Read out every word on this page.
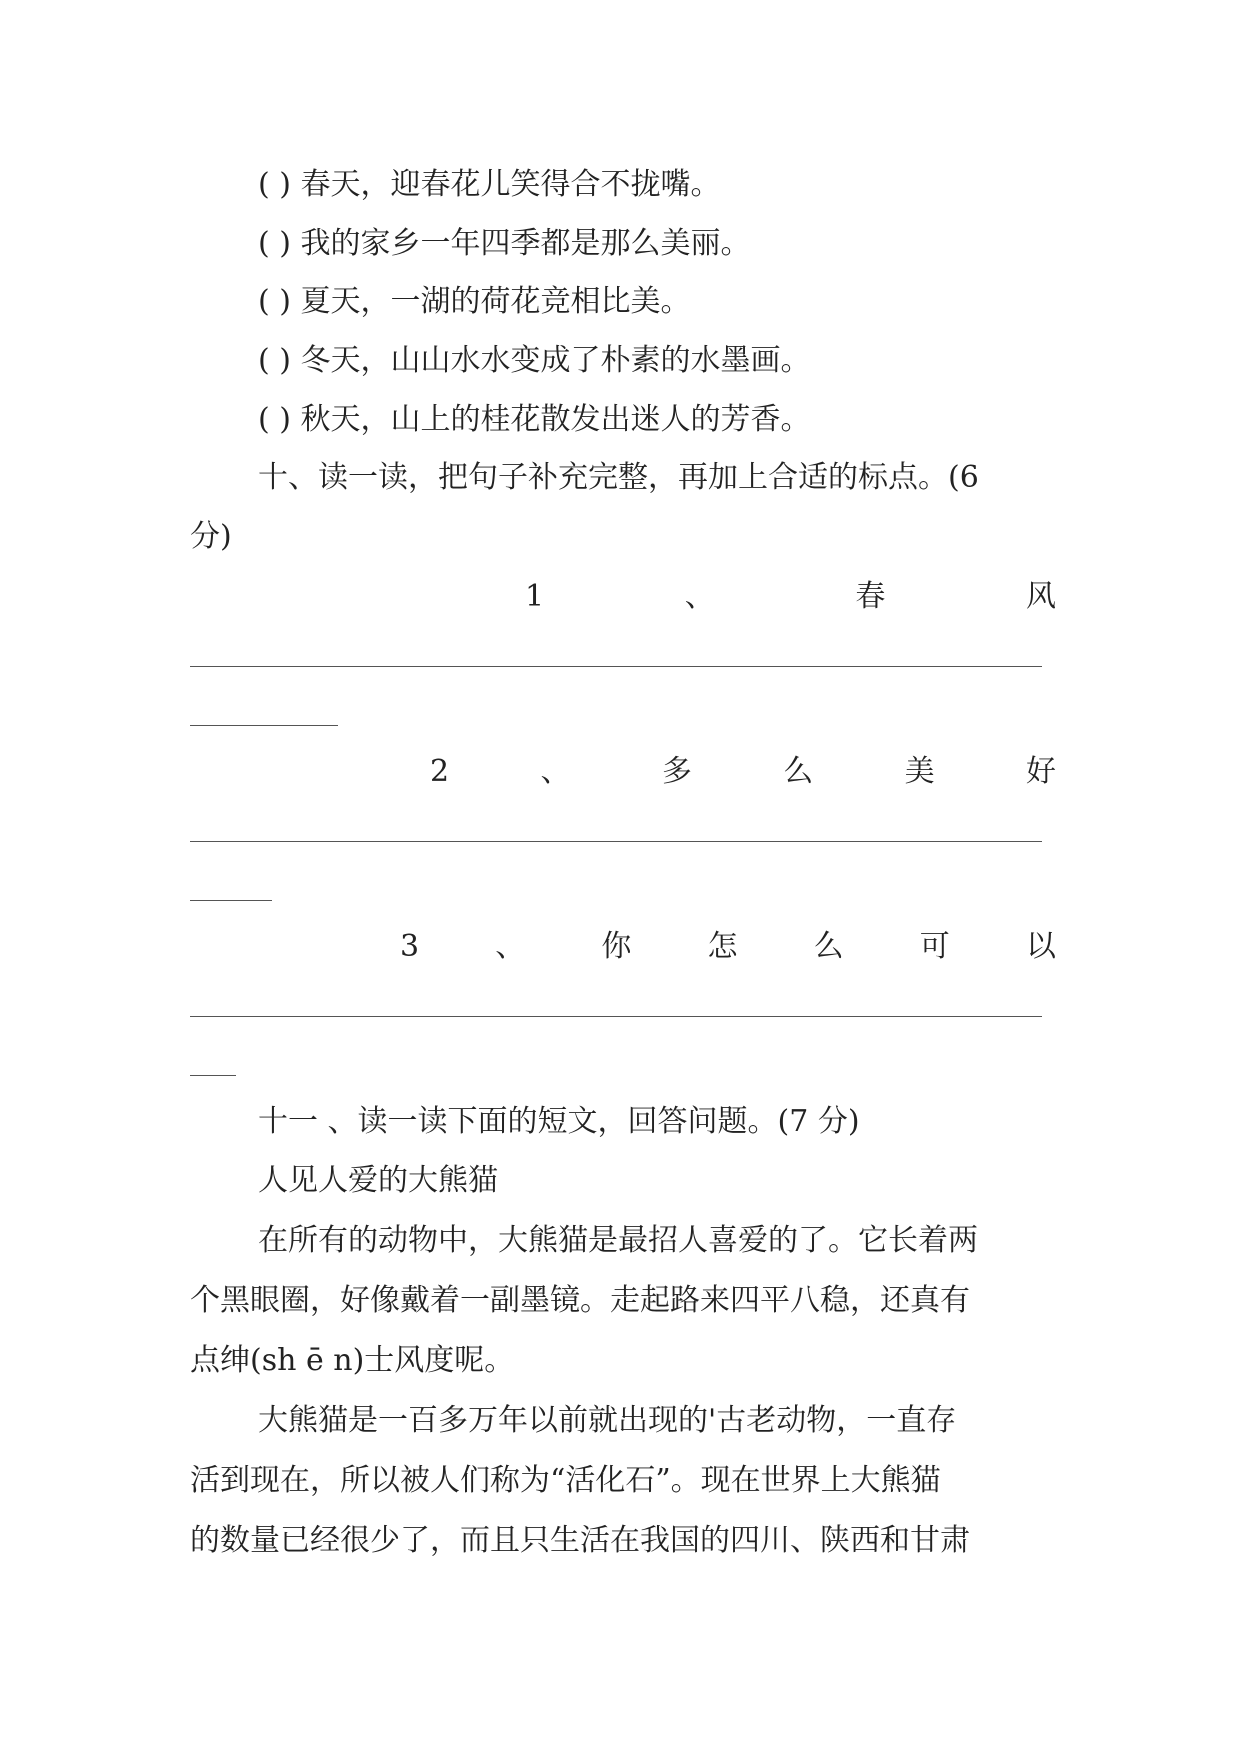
( ) 春天，迎春花儿笑得合不拢嘴。
( ) 我的家乡一年四季都是那么美丽。
( ) 夏天，一湖的荷花竞相比美。
( ) 冬天，山山水水变成了朴素的水墨画。
( ) 秋天，山上的桂花散发出迷人的芳香。
十、读一读，把句子补充完整，再加上合适的标点。(6
分)
1	、	春	风
2	、	多	么	美	好
3	、	你	怎	么	可	以
十一 、读一读下面的短文，回答问题。(7 分)
人见人爱的大熊猫
在所有的动物中，大熊猫是最招人喜爱的了。它长着两
个黑眼圈，好像戴着一副墨镜。走起路来四平八稳，还真有
点绅(sh ē n)士风度呢。
大熊猫是一百多万年以前就出现的'古老动物，一直存
活到现在，所以被人们称为“活化石”。现在世界上大熊猫
的数量已经很少了，而且只生活在我国的四川、陕西和甘肃
